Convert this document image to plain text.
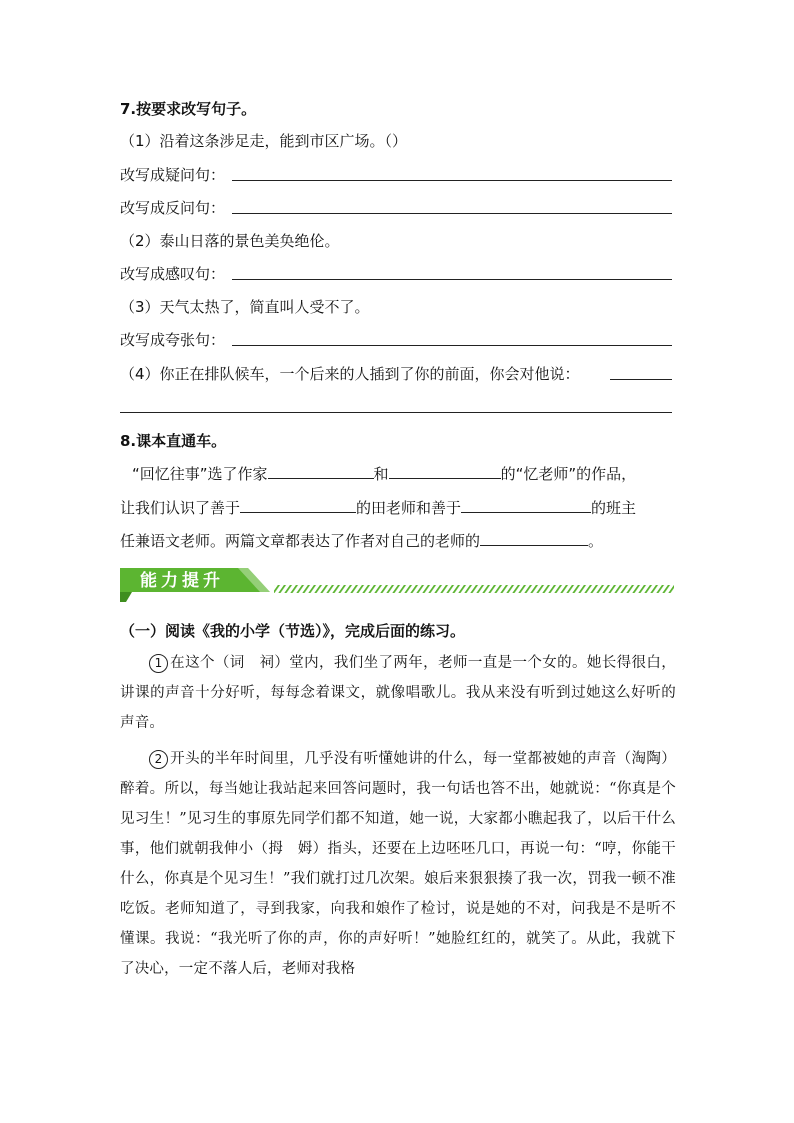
7.按要求改写句子。
（1）沿着这条涉足走，能到市区广场。（）
改写成疑问句：
改写成反问句：
（2）泰山日落的景色美奂绝伦。
改写成感叹句：
（3）天气太热了，简直叫人受不了。
改写成夸张句：
（4）你正在排队候车，一个后来的人插到了你的前面，你会对他说：
8.课本直通车。
“回忆往事”选了作家	和	的“忆老师”的作品，
让我们认识了善于	的田老师和善于	的班主
任兼语文老师。两篇文章都表达了作者对自己的老师的	。
能力提升
（一）阅读《我的小学（节选）》，完成后面的练习。

1 在这个（词　祠）堂内，我们坐了两年，老师一直是一个女的。她长得很白，讲课的声音十分好听，每每念着课文，就像唱歌儿。我从来没有听到过她这么好听的声音。

2 开头的半年时间里，几乎没有听懂她讲的什么，每一堂都被她的声音（淘陶）醉着。所以，每当她让我站起来回答问题时，我一句话也答不出，她就说：“你真是个见习生！”见习生的事原先同学们都不知道，她一说，大家都小瞧起我了，以后干什么事，他们就朝我伸小（拇　姆）指头，还要在上边呸呸几口，再说一句：“哼，你能干什么，你真是个见习生！”我们就打过几次架。娘后来狠狠揍了我一次，罚我一顿不准吃饭。老师知道了，寻到我家，向我和娘作了检讨，说是她的不对，问我是不是听不懂课。我说：“我光听了你的声，你的声好听！”她脸红红的，就笑了。从此，我就下了决心，一定不落人后，老师对我格
